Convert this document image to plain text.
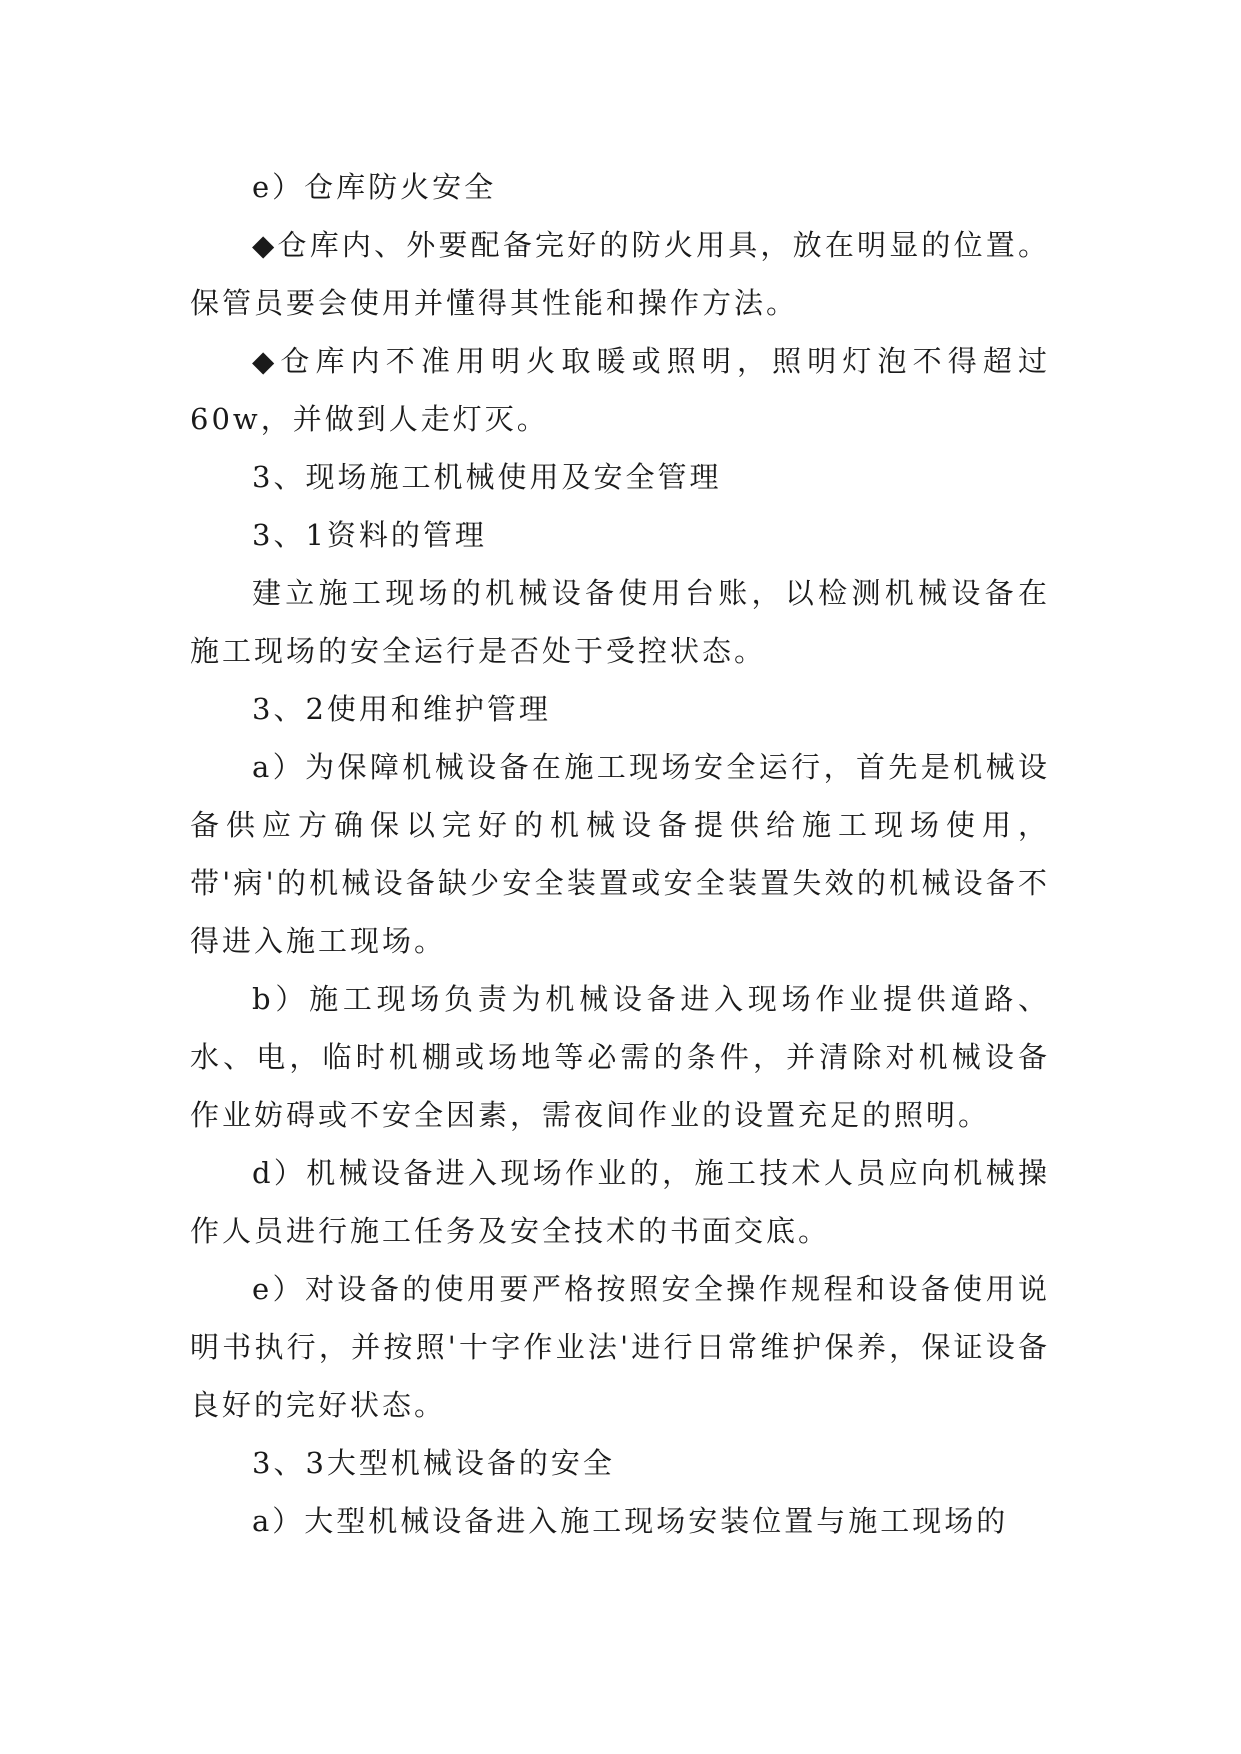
e）仓库防火安全

◆仓库内、外要配备完好的防火用具，放在明显的位置。保管员要会使用并懂得其性能和操作方法。

◆仓库内不准用明火取暖或照明，照明灯泡不得超过60w，并做到人走灯灭。

3、现场施工机械使用及安全管理

3、1资料的管理

建立施工现场的机械设备使用台账，以检测机械设备在施工现场的安全运行是否处于受控状态。

3、2使用和维护管理

a）为保障机械设备在施工现场安全运行，首先是机械设备供应方确保以完好的机械设备提供给施工现场使用，带'病'的机械设备缺少安全装置或安全装置失效的机械设备不得进入施工现场。

b）施工现场负责为机械设备进入现场作业提供道路、水、电，临时机棚或场地等必需的条件，并清除对机械设备作业妨碍或不安全因素，需夜间作业的设置充足的照明。

d）机械设备进入现场作业的，施工技术人员应向机械操作人员进行施工任务及安全技术的书面交底。

e）对设备的使用要严格按照安全操作规程和设备使用说明书执行，并按照'十字作业法'进行日常维护保养，保证设备良好的完好状态。

3、3大型机械设备的安全

a）大型机械设备进入施工现场安装位置与施工现场的
